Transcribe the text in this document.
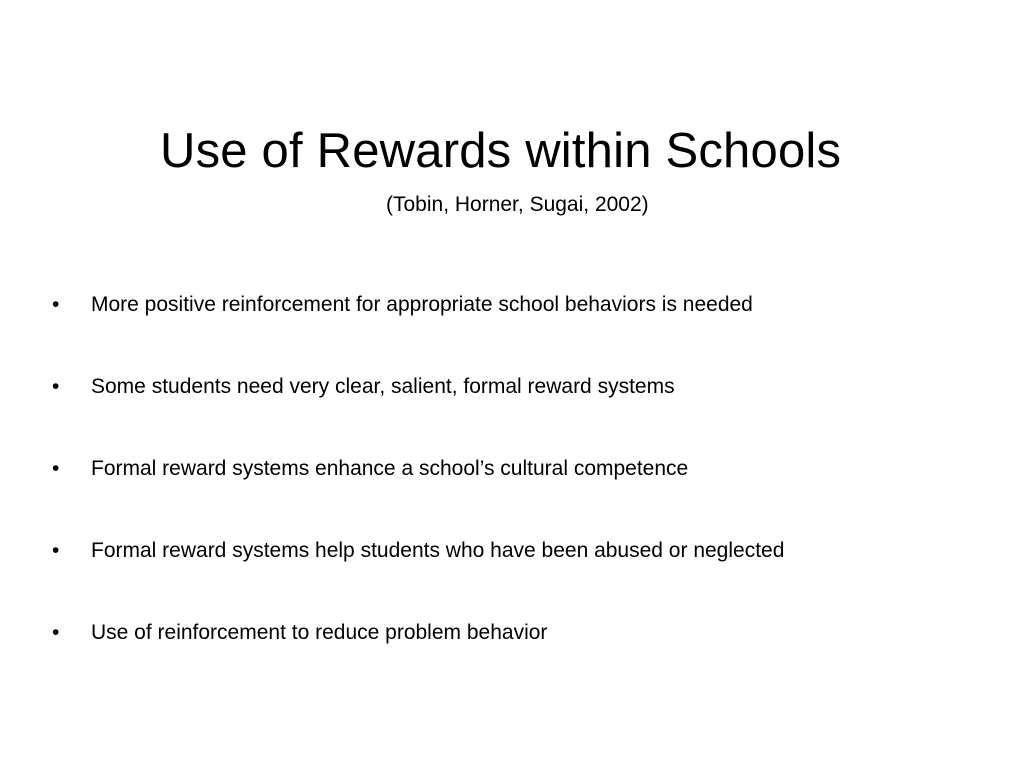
Use of Rewards within Schools
(Tobin, Horner, Sugai, 2002)
•	More positive reinforcement for appropriate school behaviors is needed
•	Some students need very clear, salient, formal reward systems
•	Formal reward systems enhance a school’s cultural competence
•	Formal reward systems help students who have been abused or neglected
•	Use of reinforcement to reduce problem behavior
